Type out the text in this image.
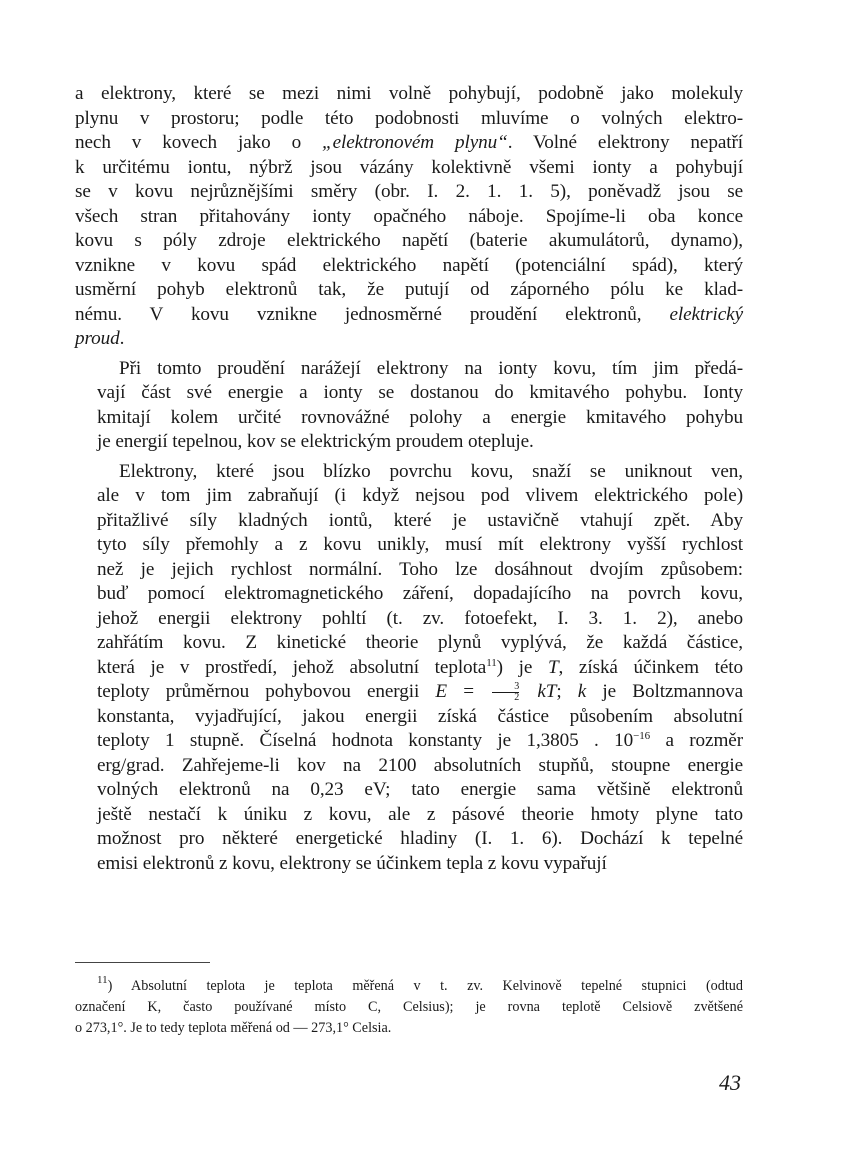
a elektrony, které se mezi nimi volně pohybují, podobně jako molekuly
plynu v prostoru; podle této podobnosti mluvíme o volných elektro-
nech v kovech jako o „elektronovém plynu“. Volné elektrony nepatří
k určitému iontu, nýbrž jsou vázány kolektivně všemi ionty a pohybují
se v kovu nejrůznějšími směry (obr. I. 2. 1. 1. 5), poněvadž jsou se
všech stran přitahovány ionty opačného náboje. Spojíme-li oba konce
kovu s póly zdroje elektrického napětí (baterie akumulátorů, dynamo),
vznikne v kovu spád elektrického napětí (potenciální spád), který
usměrní pohyb elektronů tak, že putují od záporného pólu ke klad-
nému. V kovu vznikne jednosměrné proudění elektronů, elektrický
proud.
Při tomto proudění narážejí elektrony na ionty kovu, tím jim předá-
vají část své energie a ionty se dostanou do kmitavého pohybu. Ionty
kmitají kolem určité rovnovážné polohy a energie kmitavého pohybu
je energií tepelnou, kov se elektrickým proudem otepluje.
Elektrony, které jsou blízko povrchu kovu, snaží se uniknout ven,
ale v tom jim zabraňují (i když nejsou pod vlivem elektrického pole)
přitažlivé síly kladných iontů, které je ustavičně vtahují zpět. Aby
tyto síly přemohly a z kovu unikly, musí mít elektrony vyšší rychlost
než je jejich rychlost normální. Toho lze dosáhnout dvojím způsobem:
buď pomocí elektromagnetického záření, dopadajícího na povrch kovu,
jehož energii elektrony pohltí (t. zv. fotoefekt, I. 3. 1. 2), anebo
zahřátím kovu. Z kinetické theorie plynů vyplývá, že každá částice,
která je v prostředí, jehož absolutní teplota$^{11}$) je T, získá účinkem této
teploty průměrnou pohybovou energii $E = \frac{3}{2}$ kT; k je Boltzmannova
konstanta, vyjadřující, jakou energii získá částice působením absolutní
teploty 1 stupně. Číselná hodnota konstanty je 1,3805 . $10^{-16}$ a rozměr
erg/grad. Zahřejeme-li kov na 2100 absolutních stupňů, stoupne energie
volných elektronů na 0,23 eV; tato energie sama většině elektronů
ještě nestačí k úniku z kovu, ale z pásové theorie hmoty plyne tato
možnost pro některé energetické hladiny (I. 1. 6). Dochází k tepelné
emisi elektronů z kovu, elektrony se účinkem tepla z kovu vypařují
$^{11}$) Absolutní teplota je teplota měřená v t. zv. Kelvinově tepelné stupnici (odtud
označení K, často používané místo C, Celsius); je rovna teplotě Celsiově zvětšené
o 273,1°. Je to tedy teplota měřená od — 273,1° Celsia.
43
